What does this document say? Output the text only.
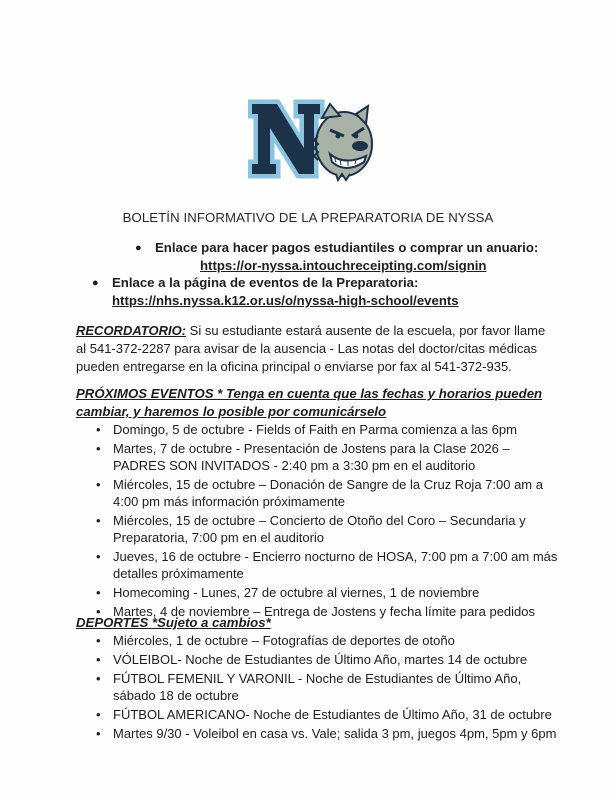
BOLETÍN INFORMATIVO DE LA PREPARATORIA DE NYSSA
● Enlace para hacer pagos estudiantiles o comprar un anuario:
https://or-nyssa.intouchreceipting.com/signin
● Enlace a la página de eventos de la Preparatoria:
https://nhs.nyssa.k12.or.us/o/nyssa-high-school/events
RECORDATORIO: Si su estudiante estará ausente de la escuela, por favor llame al 541-372-2287 para avisar de la ausencia - Las notas del doctor/citas médicas pueden entregarse en la oficina principal o enviarse por fax al 541-372-935.
PRÓXIMOS EVENTOS * Tenga en cuenta que las fechas y horarios pueden cambiar, y haremos lo posible por comunicárselo
• Domingo, 5 de octubre - Fields of Faith en Parma comienza a las 6pm
• Martes, 7 de octubre - Presentación de Jostens para la Clase 2026 – PADRES SON INVITADOS - 2:40 pm a 3:30 pm en el auditorio
• Miércoles, 15 de octubre – Donación de Sangre de la Cruz Roja 7:00 am a 4:00 pm más información próximamente
• Miércoles, 15 de octubre – Concierto de Otoño del Coro – Secundaria y Preparatoria, 7:00 pm en el auditorio
• Jueves, 16 de octubre - Encierro nocturno de HOSA, 7:00 pm a 7:00 am más detalles próximamente
• Homecoming - Lunes, 27 de octubre al viernes, 1 de noviembre
• Martes, 4 de noviembre – Entrega de Jostens y fecha límite para pedidos
DEPORTES *Sujeto a cambios*
• Miércoles, 1 de octubre – Fotografías de deportes de otoño
• VÓLEIBOL- Noche de Estudiantes de Último Año, martes 14 de octubre
• FÚTBOL FEMENIL Y VARONIL - Noche de Estudiantes de Último Año, sábado 18 de octubre
• FÚTBOL AMERICANO- Noche de Estudiantes de Último Año, 31 de octubre
• Martes 9/30 - Voleibol en casa vs. Vale; salida 3 pm, juegos 4pm, 5pm y 6pm
